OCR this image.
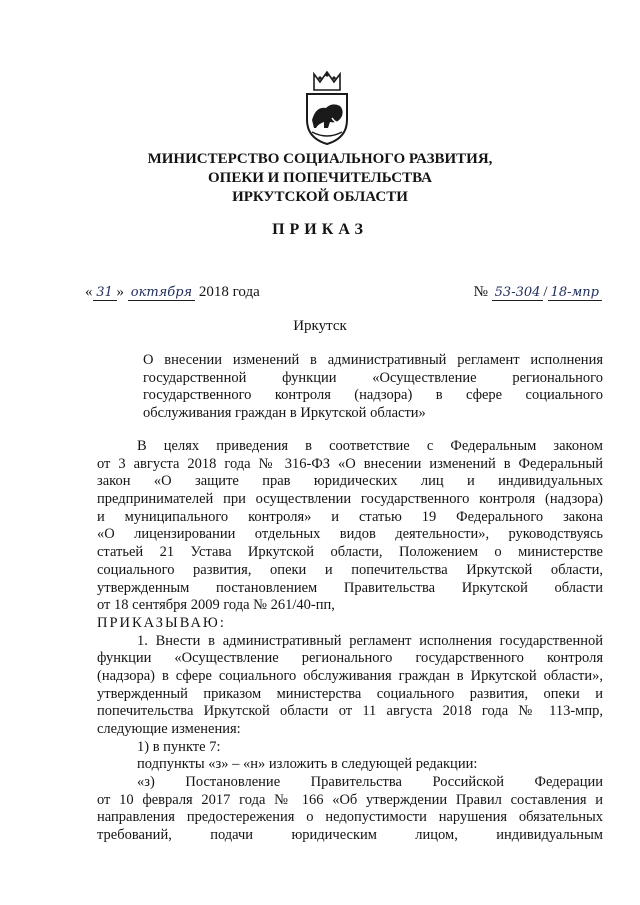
МИНИСТЕРСТВО СОЦИАЛЬНОГО РАЗВИТИЯ,
ОПЕКИ И ПОПЕЧИТЕЛЬСТВА
ИРКУТСКОЙ ОБЛАСТИ
ПРИКАЗ
« 31 » октября 2018 года	№ 53-304 / 18-мпр
Иркутск
О внесении изменений в административный регламент исполнения
государственной функции «Осуществление регионального
государственного контроля (надзора) в сфере социального
обслуживания граждан в Иркутской области»
В целях приведения в соответствие с Федеральным законом
от 3 августа 2018 года № 316-ФЗ «О внесении изменений в Федеральный
закон «О защите прав юридических лиц и индивидуальных
предпринимателей при осуществлении государственного контроля (надзора)
и муниципального контроля» и статью 19 Федерального закона
«О лицензировании отдельных видов деятельности», руководствуясь
статьей 21 Устава Иркутской области, Положением о министерстве
социального развития, опеки и попечительства Иркутской области,
утвержденным постановлением Правительства Иркутской области
от 18 сентября 2009 года № 261/40-пп,
ПРИКАЗЫВАЮ:
1. Внести в административный регламент исполнения государственной
функции «Осуществление регионального государственного контроля
(надзора) в сфере социального обслуживания граждан в Иркутской области»,
утвержденный приказом министерства социального развития, опеки и
попечительства Иркутской области от 11 августа 2018 года № 113-мпр,
следующие изменения:
1) в пункте 7:
подпункты «з» – «н» изложить в следующей редакции:
«з) Постановление Правительства Российской Федерации
от 10 февраля 2017 года № 166 «Об утверждении Правил составления и
направления предостережения о недопустимости нарушения обязательных
требований, подачи юридическим лицом, индивидуальным
